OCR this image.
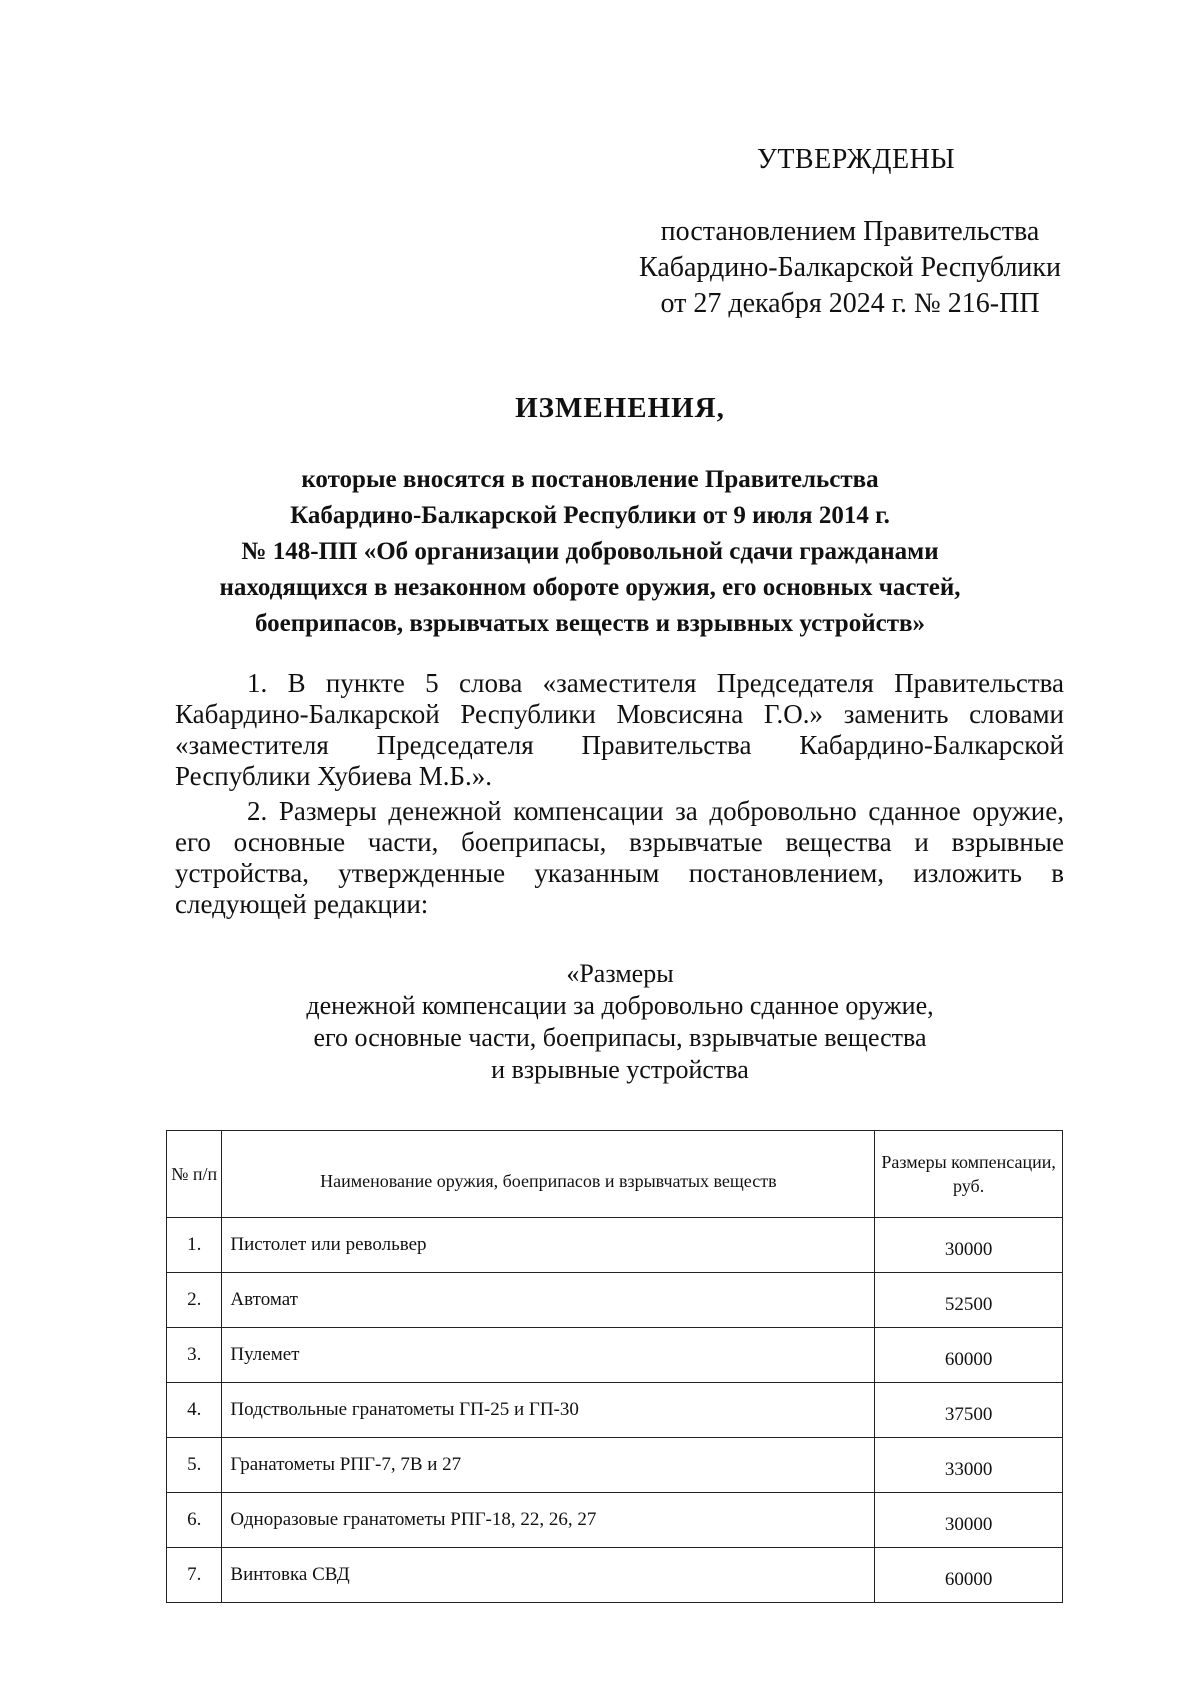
УТВЕРЖДЕНЫ
постановлением Правительства
Кабардино-Балкарской Республики
от 27 декабря 2024 г. № 216-ПП
ИЗМЕНЕНИЯ,
которые вносятся в постановление Правительства
Кабардино-Балкарской Республики от 9 июля 2014 г.
№ 148-ПП «Об организации добровольной сдачи гражданами
находящихся в незаконном обороте оружия, его основных частей,
боеприпасов, взрывчатых веществ и взрывных устройств»
1. В пункте 5 слова «заместителя Председателя Правительства Кабардино-Балкарской Республики Мовсисяна Г.О.» заменить словами «заместителя Председателя Правительства Кабардино-Балкарской Республики Хубиева М.Б.».
2. Размеры денежной компенсации за добровольно сданное оружие, его основные части, боеприпасы, взрывчатые вещества и взрывные устройства, утвержденные указанным постановлением, изложить в следующей редакции:
«Размеры
денежной компенсации за добровольно сданное оружие,
его основные части, боеприпасы, взрывчатые вещества
и взрывные устройства
№ п/п	Наименование оружия, боеприпасов и взрывчатых веществ	Размеры компенсации, руб.
1.	Пистолет или револьвер	30000
2.	Автомат	52500
3.	Пулемет	60000
4.	Подствольные гранатометы ГП-25 и ГП-30	37500
5.	Гранатометы РПГ-7, 7В и 27	33000
6.	Одноразовые гранатометы РПГ-18, 22, 26, 27	30000
7.	Винтовка СВД	60000
